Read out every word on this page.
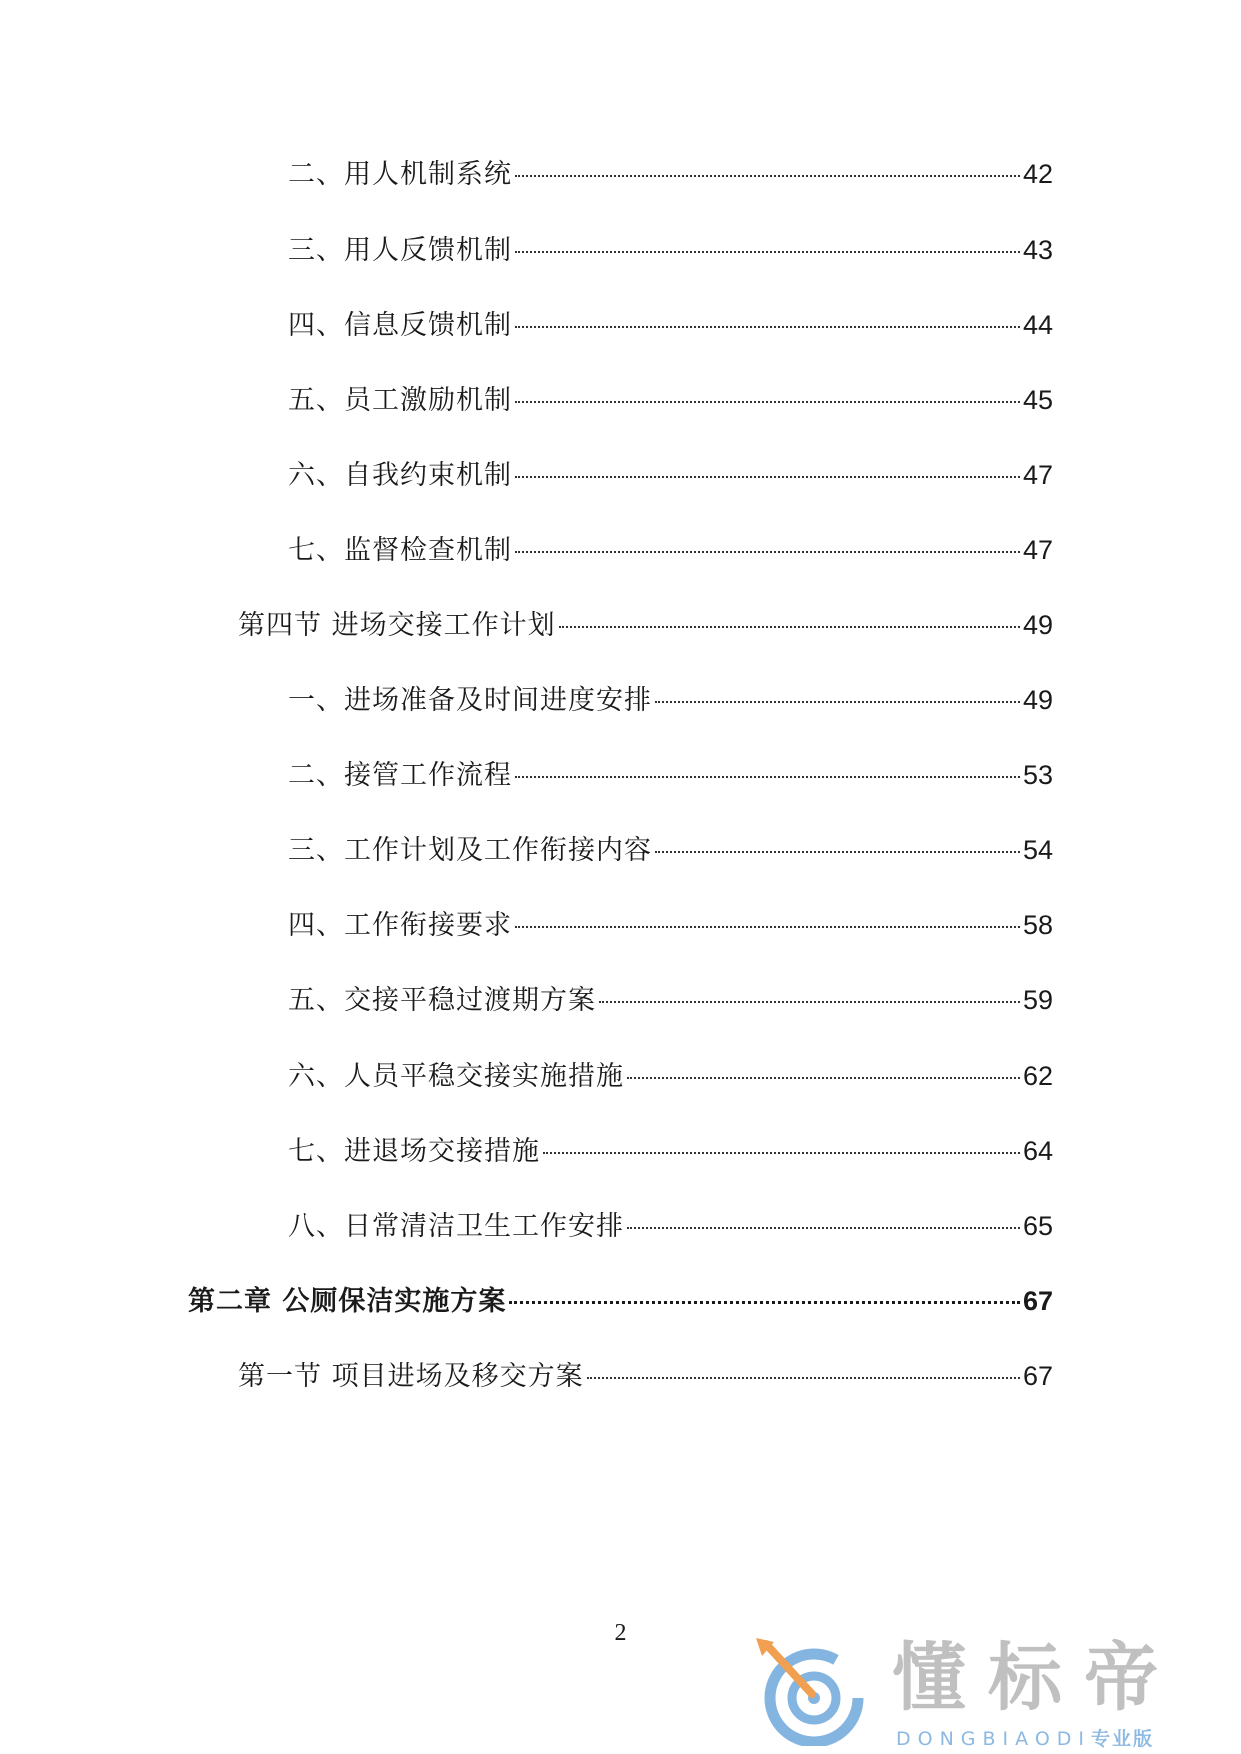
二、用人机制系统	42
三、用人反馈机制	43
四、信息反馈机制	44
五、员工激励机制	45
六、自我约束机制	47
七、监督检查机制	47
第四节 进场交接工作计划	49
一、进场准备及时间进度安排	49
二、接管工作流程	53
三、工作计划及工作衔接内容	54
四、工作衔接要求	58
五、交接平稳过渡期方案	59
六、人员平稳交接实施措施	62
七、进退场交接措施	64
八、日常清洁卫生工作安排	65
第二章 公厕保洁实施方案	67
第一节 项目进场及移交方案	67
2
懂标帝
DONGBIAODI专业版
